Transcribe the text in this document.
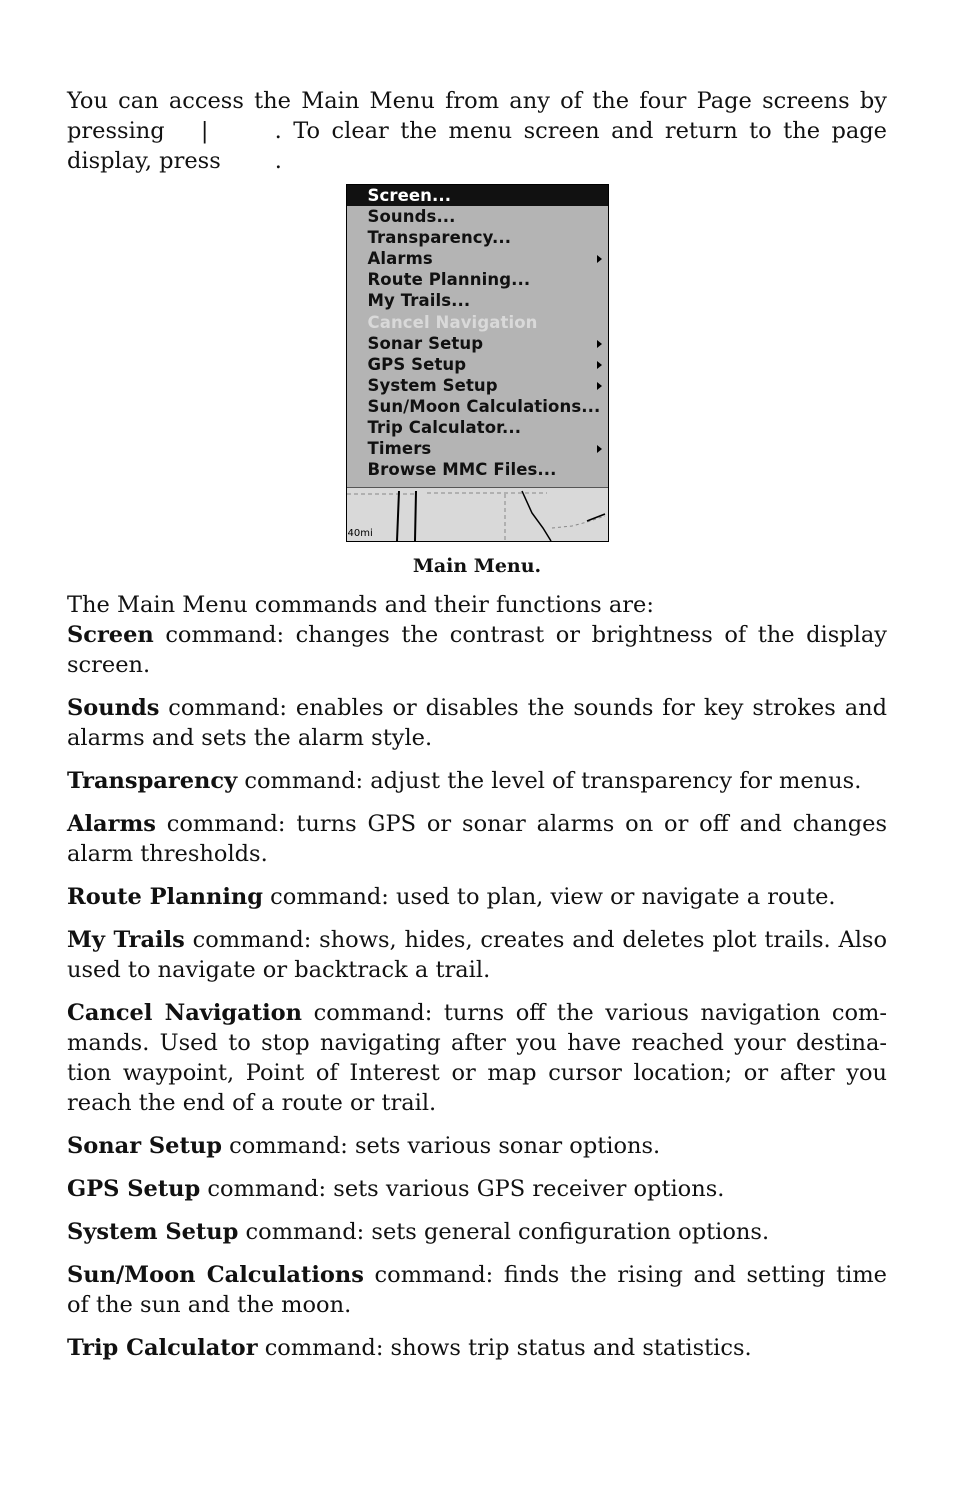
You can access the Main Menu from any of the four Page screens by pressing |	. To clear the menu screen and return to the page display, press .

Screen...
Sounds...
Transparency...
Alarms
Route Planning...
My Trails...
Cancel Navigation
Sonar Setup
GPS Setup
System Setup
Sun/Moon Calculations...
Trip Calculator...
Timers
Browse MMC Files...
40mi
Main Menu.

The Main Menu commands and their functions are:

Screen command: changes the contrast or brightness of the display screen.

Sounds command: enables or disables the sounds for key strokes and alarms and sets the alarm style.

Transparency command: adjust the level of transparency for menus.

Alarms command: turns GPS or sonar alarms on or off and changes alarm thresholds.

Route Planning command: used to plan, view or navigate a route.

My Trails command: shows, hides, creates and deletes plot trails. Also used to navigate or backtrack a trail.

Cancel Navigation command: turns off the various navigation com-mands. Used to stop navigating after you have reached your destina-tion waypoint, Point of Interest or map cursor location; or after you reach the end of a route or trail.

Sonar Setup command: sets various sonar options.

GPS Setup command: sets various GPS receiver options.

System Setup command: sets general configuration options.

Sun/Moon Calculations command: finds the rising and setting time of the sun and the moon.

Trip Calculator command: shows trip status and statistics.
